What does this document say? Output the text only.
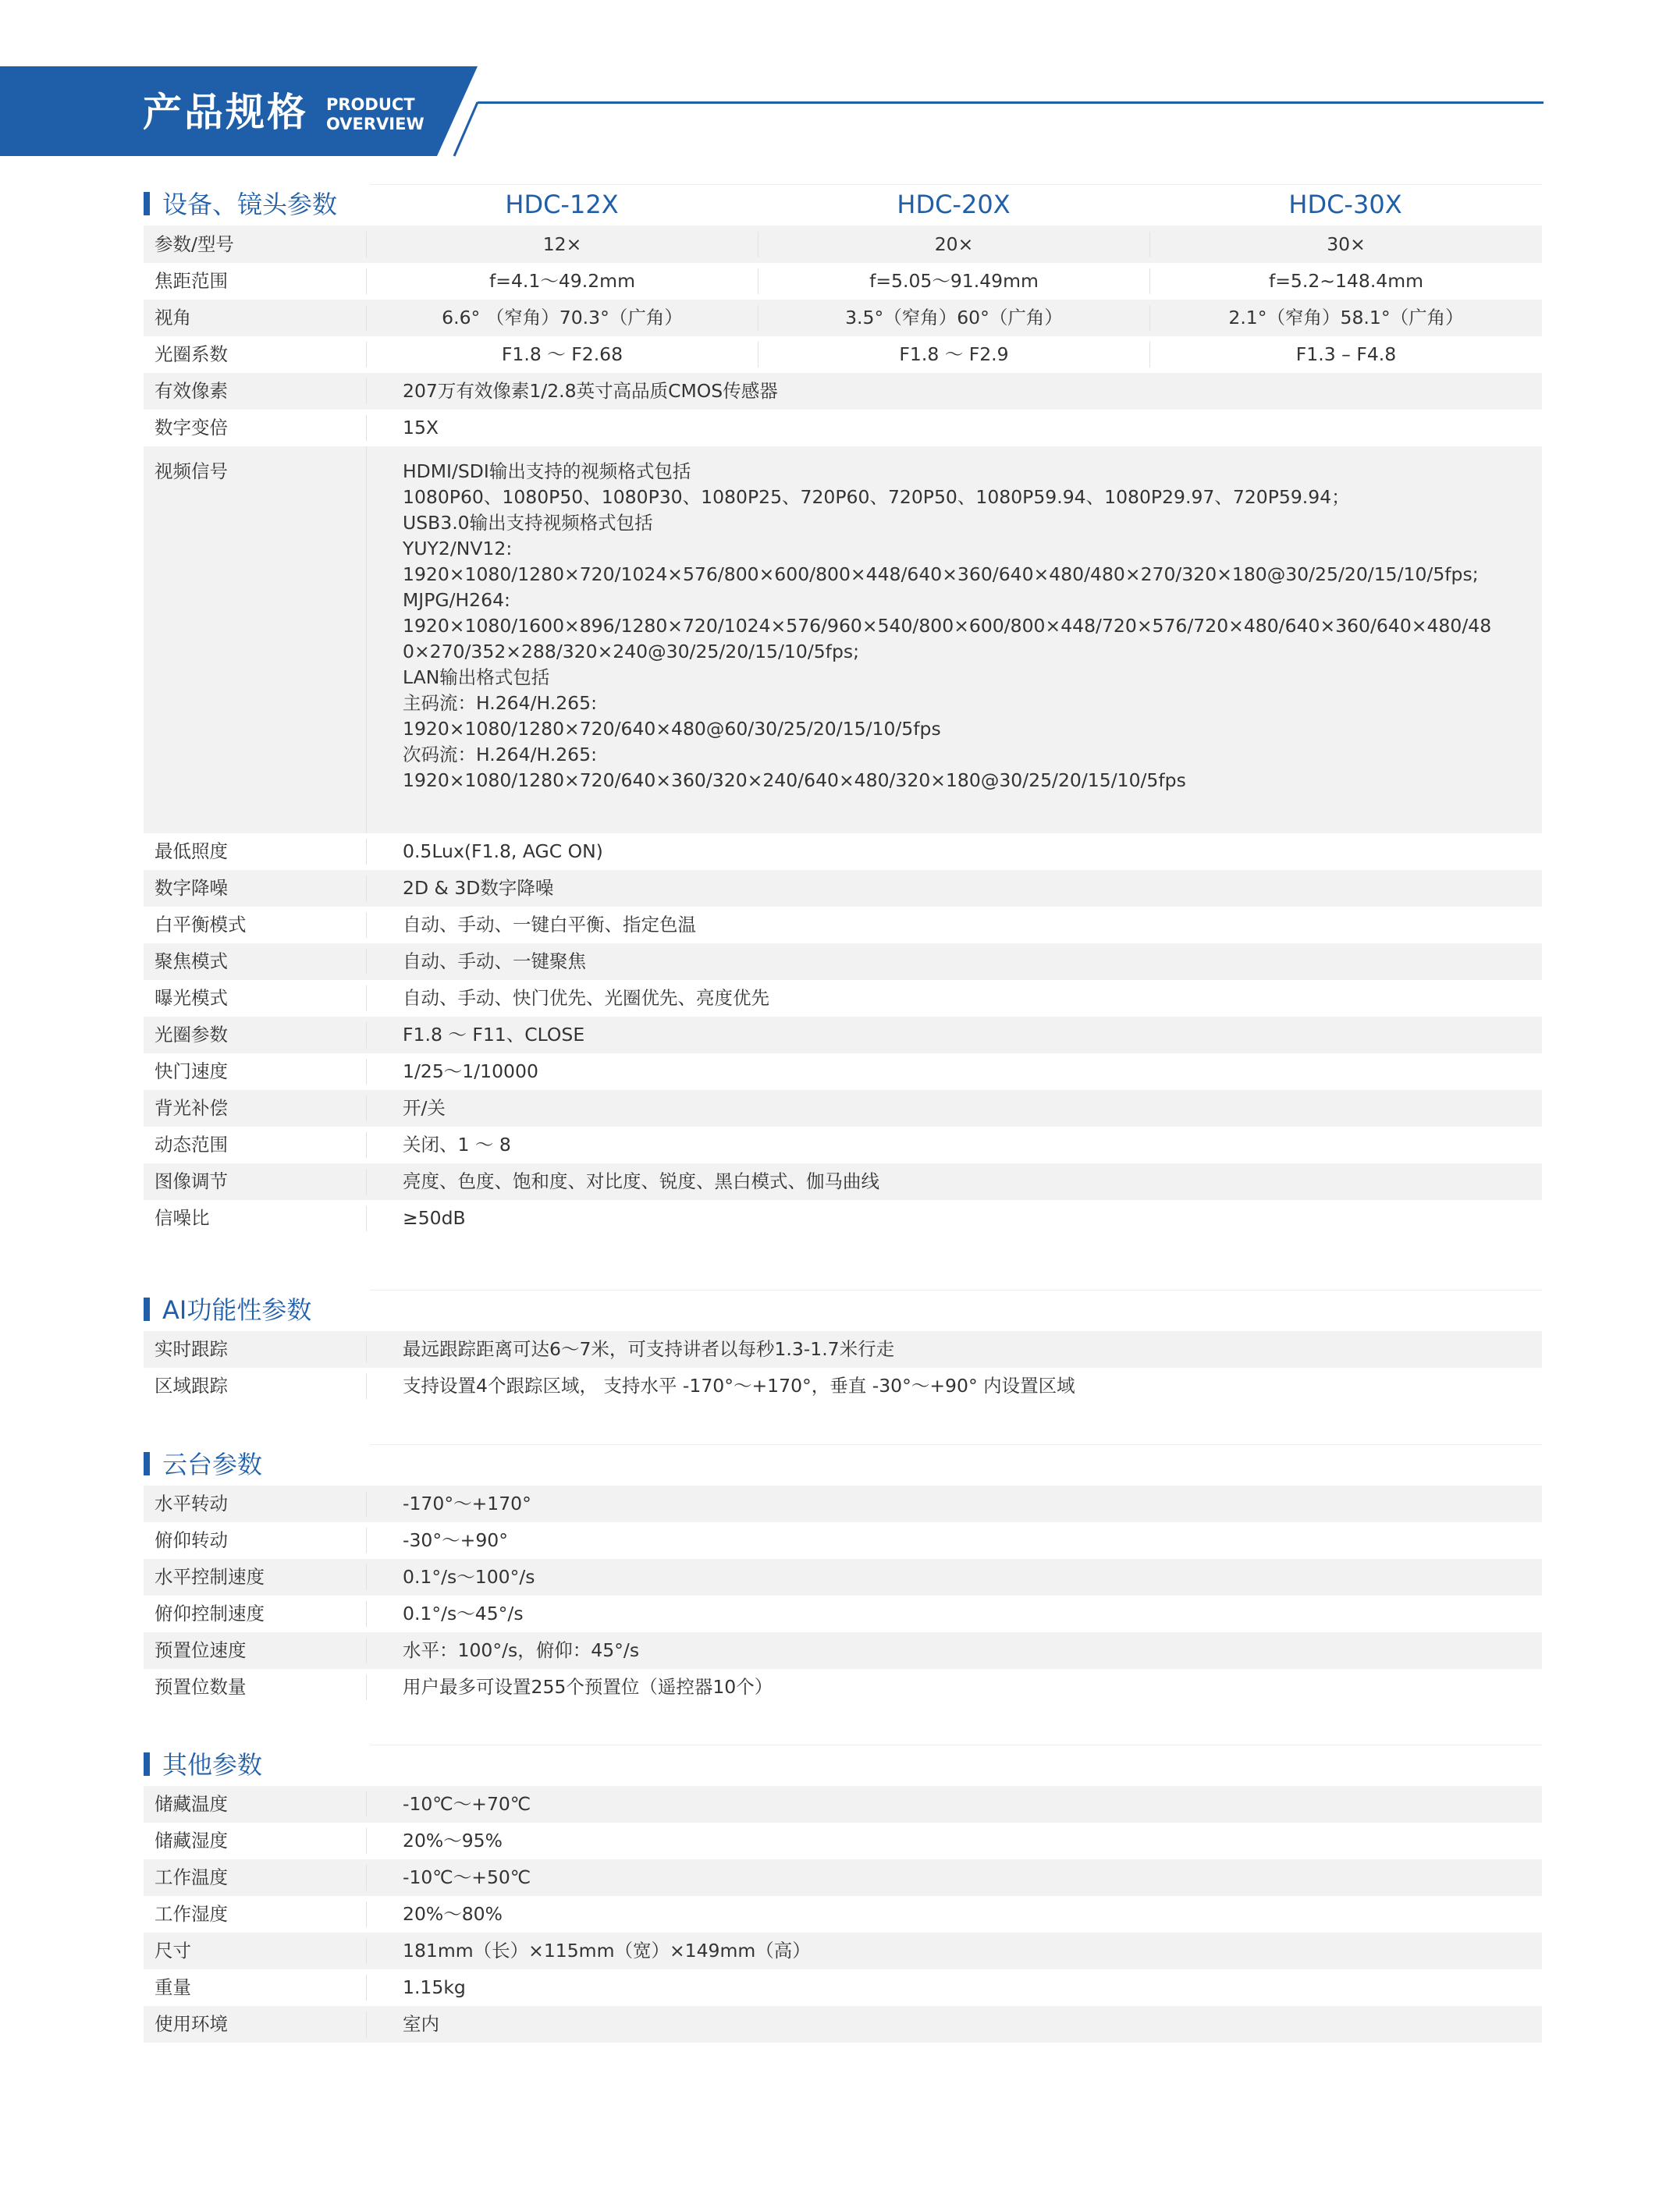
产品规格 PRODUCT
OVERVIEW
设备、镜头参数	HDC-12X	HDC-20X	HDC-30X
参数/型号	12×	20×	30×
焦距范围	f=4.1～49.2mm	f=5.05～91.49mm	f=5.2~148.4mm
视角	6.6° （窄角）70.3°（广角）	3.5°（窄角）60°（广角）	2.1°（窄角）58.1°（广角）
光圈系数	F1.8 ～ F2.68	F1.8 ～ F2.9	F1.3 – F4.8
有效像素	207万有效像素1/2.8英寸高品质CMOS传感器
数字变倍	15X
视频信号	HDMI/SDI输出支持的视频格式包括
1080P60、1080P50、1080P30、1080P25、720P60、720P50、1080P59.94、1080P29.97、720P59.94；
USB3.0输出支持视频格式包括
YUY2/NV12:
1920×1080/1280×720/1024×576/800×600/800×448/640×360/640×480/480×270/320×180@30/25/20/15/10/5fps;
MJPG/H264:
1920×1080/1600×896/1280×720/1024×576/960×540/800×600/800×448/720×576/720×480/640×360/640×480/48
0×270/352×288/320×240@30/25/20/15/10/5fps;
LAN输出格式包括
主码流：H.264/H.265:
1920×1080/1280×720/640×480@60/30/25/20/15/10/5fps
次码流：H.264/H.265:
1920×1080/1280×720/640×360/320×240/640×480/320×180@30/25/20/15/10/5fps
最低照度	0.5Lux(F1.8, AGC ON)
数字降噪	2D & 3D数字降噪
白平衡模式	自动、手动、一键白平衡、指定色温
聚焦模式	自动、手动、一键聚焦
曝光模式	自动、手动、快门优先、光圈优先、亮度优先
光圈参数	F1.8 ～ F11、CLOSE
快门速度	1/25～1/10000
背光补偿	开/关
动态范围	关闭、1 ～ 8
图像调节	亮度、色度、饱和度、对比度、锐度、黑白模式、伽马曲线
信噪比	≥50dB
AI功能性参数
实时跟踪	最远跟踪距离可达6～7米，可支持讲者以每秒1.3-1.7米行走
区域跟踪	支持设置4个跟踪区域， 支持水平 -170°～+170°，垂直 -30°～+90° 内设置区域
云台参数
水平转动	-170°～+170°
俯仰转动	-30°～+90°
水平控制速度	0.1°/s～100°/s
俯仰控制速度	0.1°/s～45°/s
预置位速度	水平：100°/s，俯仰：45°/s
预置位数量	用户最多可设置255个预置位（遥控器10个）
其他参数
储藏温度	-10℃～+70℃
储藏湿度	20%～95%
工作温度	-10℃～+50℃
工作湿度	20%～80%
尺寸	181mm（长）×115mm（宽）×149mm（高）
重量	1.15kg
使用环境	室内
